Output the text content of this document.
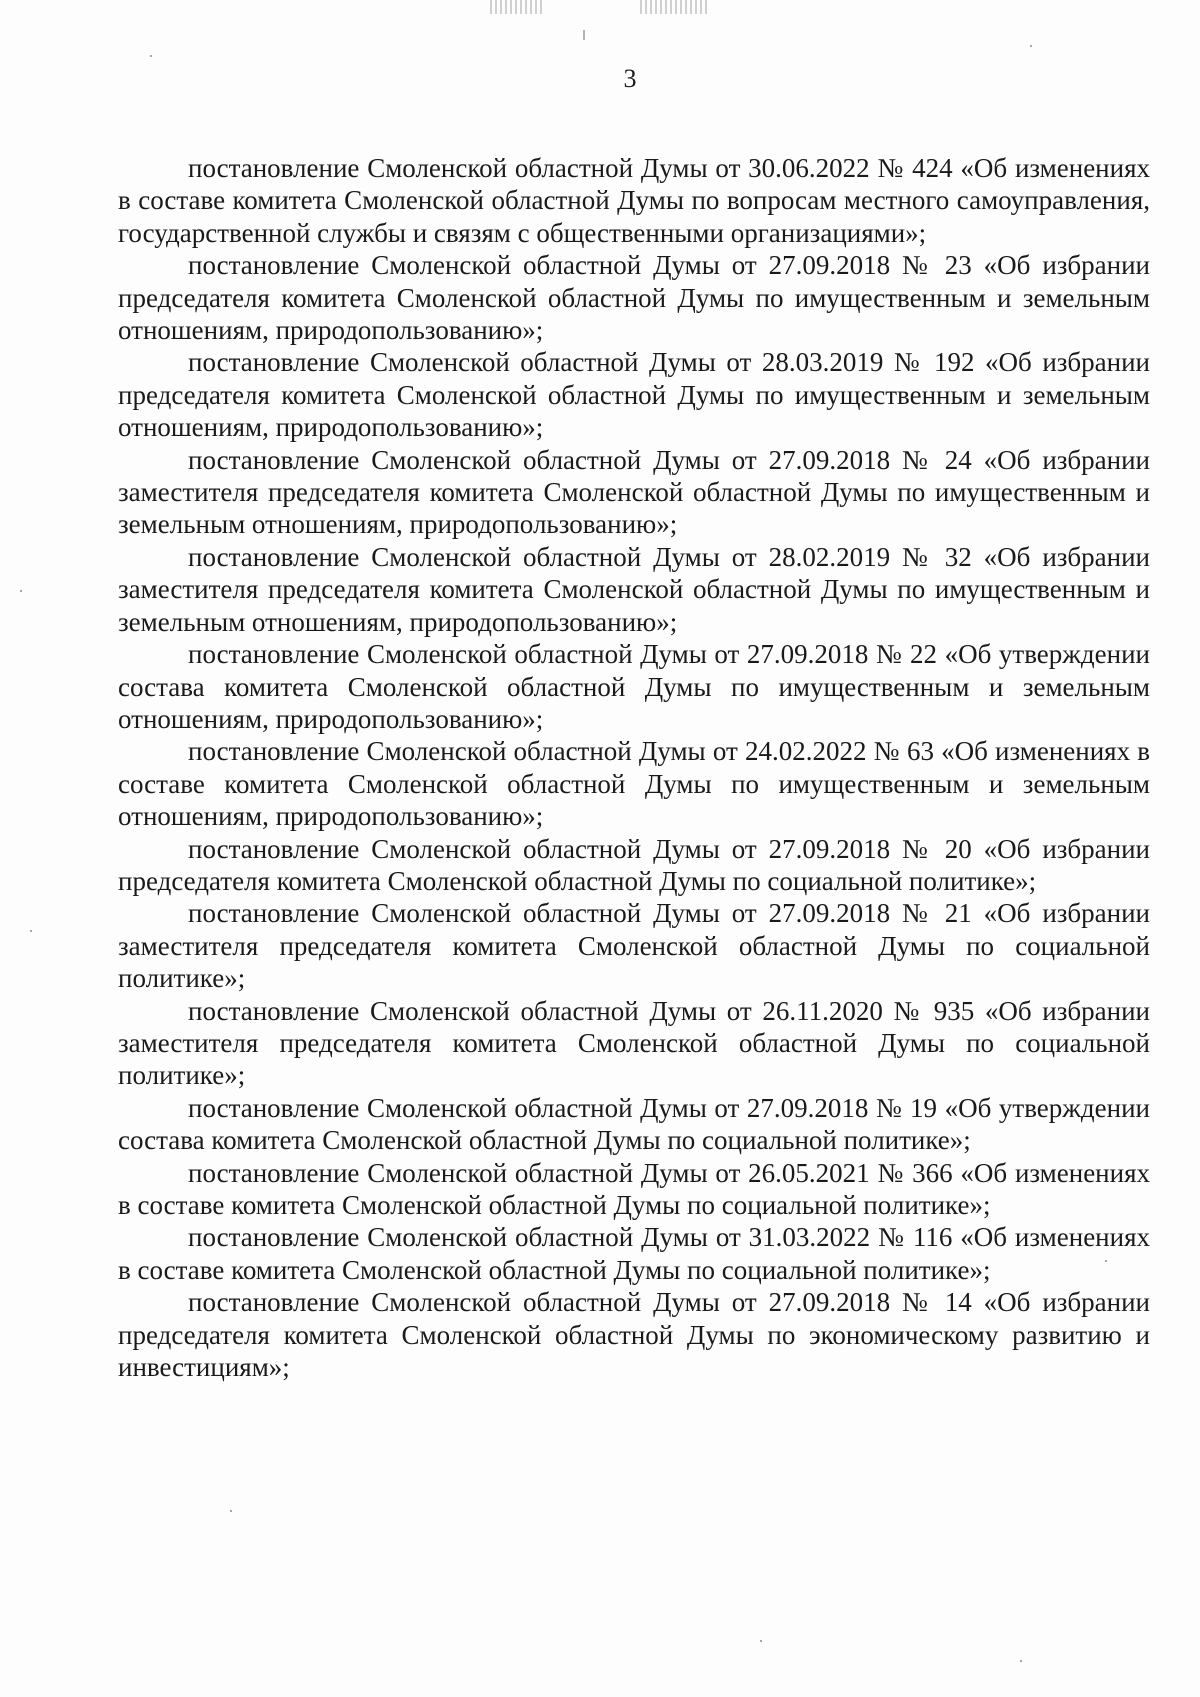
3

постановление Смоленской областной Думы от 30.06.2022 № 424 «Об изменениях в составе комитета Смоленской областной Думы по вопросам местного самоуправления, государственной службы и связям с общественными организациями»;

постановление Смоленской областной Думы от 27.09.2018 № 23 «Об избрании председателя комитета Смоленской областной Думы по имущественным и земельным отношениям, природопользованию»;

постановление Смоленской областной Думы от 28.03.2019 № 192 «Об избрании председателя комитета Смоленской областной Думы по имущественным и земельным отношениям, природопользованию»;

постановление Смоленской областной Думы от 27.09.2018 № 24 «Об избрании заместителя председателя комитета Смоленской областной Думы по имущественным и земельным отношениям, природопользованию»;

постановление Смоленской областной Думы от 28.02.2019 № 32 «Об избрании заместителя председателя комитета Смоленской областной Думы по имущественным и земельным отношениям, природопользованию»;

постановление Смоленской областной Думы от 27.09.2018 № 22 «Об утверждении состава комитета Смоленской областной Думы по имущественным и земельным отношениям, природопользованию»;

постановление Смоленской областной Думы от 24.02.2022 № 63 «Об изменениях в составе комитета Смоленской областной Думы по имущественным и земельным отношениям, природопользованию»;

постановление Смоленской областной Думы от 27.09.2018 № 20 «Об избрании председателя комитета Смоленской областной Думы по социальной политике»;

постановление Смоленской областной Думы от 27.09.2018 № 21 «Об избрании заместителя председателя комитета Смоленской областной Думы по социальной политике»;

постановление Смоленской областной Думы от 26.11.2020 № 935 «Об избрании заместителя председателя комитета Смоленской областной Думы по социальной политике»;

постановление Смоленской областной Думы от 27.09.2018 № 19 «Об утверждении состава комитета Смоленской областной Думы по социальной политике»;

постановление Смоленской областной Думы от 26.05.2021 № 366 «Об изменениях в составе комитета Смоленской областной Думы по социальной политике»;

постановление Смоленской областной Думы от 31.03.2022 № 116 «Об изменениях в составе комитета Смоленской областной Думы по социальной политике»;

постановление Смоленской областной Думы от 27.09.2018 № 14 «Об избрании председателя комитета Смоленской областной Думы по экономическому развитию и инвестициям»;
